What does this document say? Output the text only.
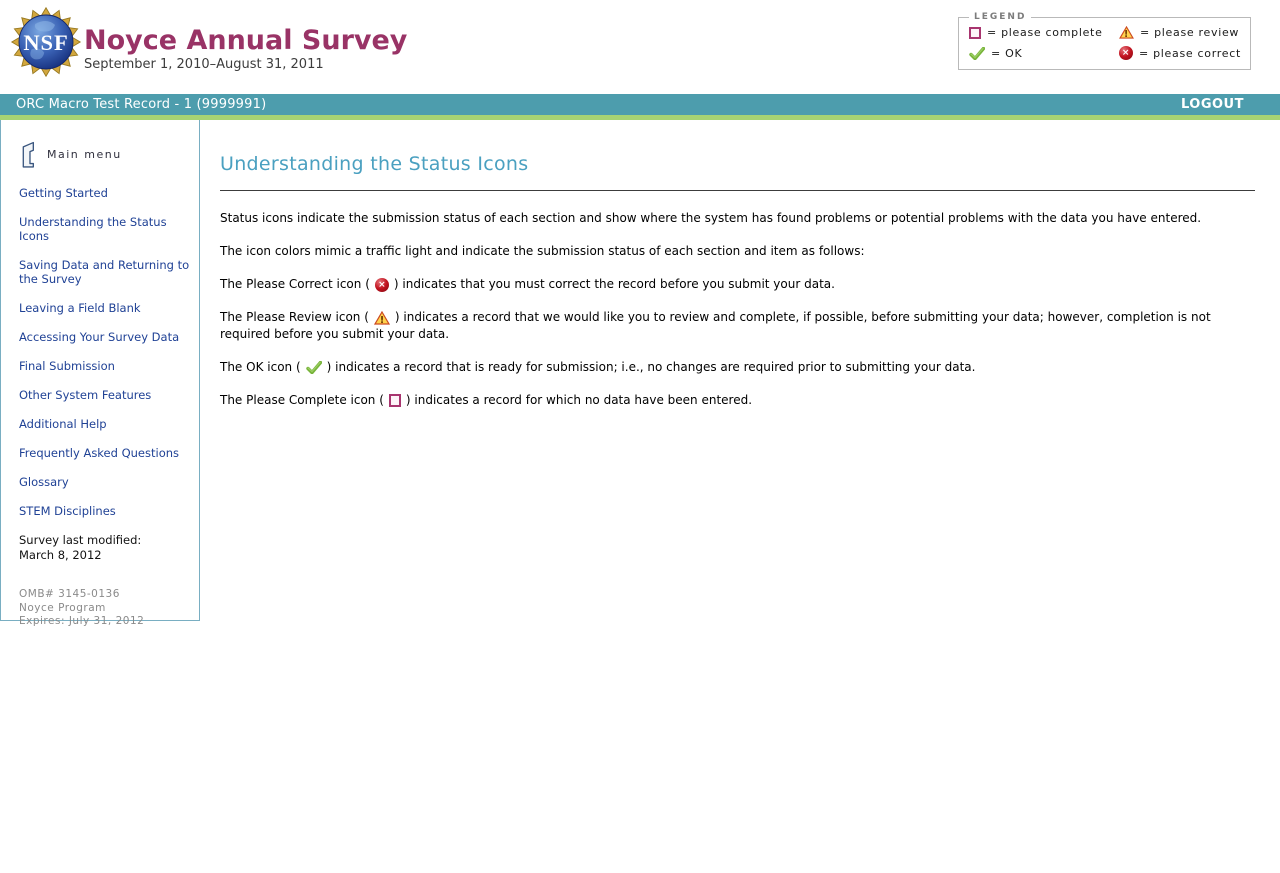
NSF Noyce Annual Survey
September 1, 2010–August 31, 2011
LEGEND
= please complete ! = please review
= OK	× = please correct
ORC Macro Test Record - 1 (9999991)	LOGOUT
Main menu
Getting Started
Understanding the Status Icons
Saving Data and Returning to the Survey
Leaving a Field Blank
Accessing Your Survey Data
Final Submission
Other System Features
Additional Help
Frequently Asked Questions
Glossary
STEM Disciplines
Survey last modified:
March 8, 2012
OMB# 3145-0136
Noyce Program
Expires: July 31, 2012
Understanding the Status Icons

Status icons indicate the submission status of each section and show where the system has found problems or potential problems with the data you have entered.

The icon colors mimic a traffic light and indicate the submission status of each section and item as follows:

The Please Correct icon ( × ) indicates that you must correct the record before you submit your data.

The Please Review icon ( ! ) indicates a record that we would like you to review and complete, if possible, before submitting your data; however, completion is not required before you submit your data.

The OK icon ( ) indicates a record that is ready for submission; i.e., no changes are required prior to submitting your data.

The Please Complete icon ( ) indicates a record for which no data have been entered.
